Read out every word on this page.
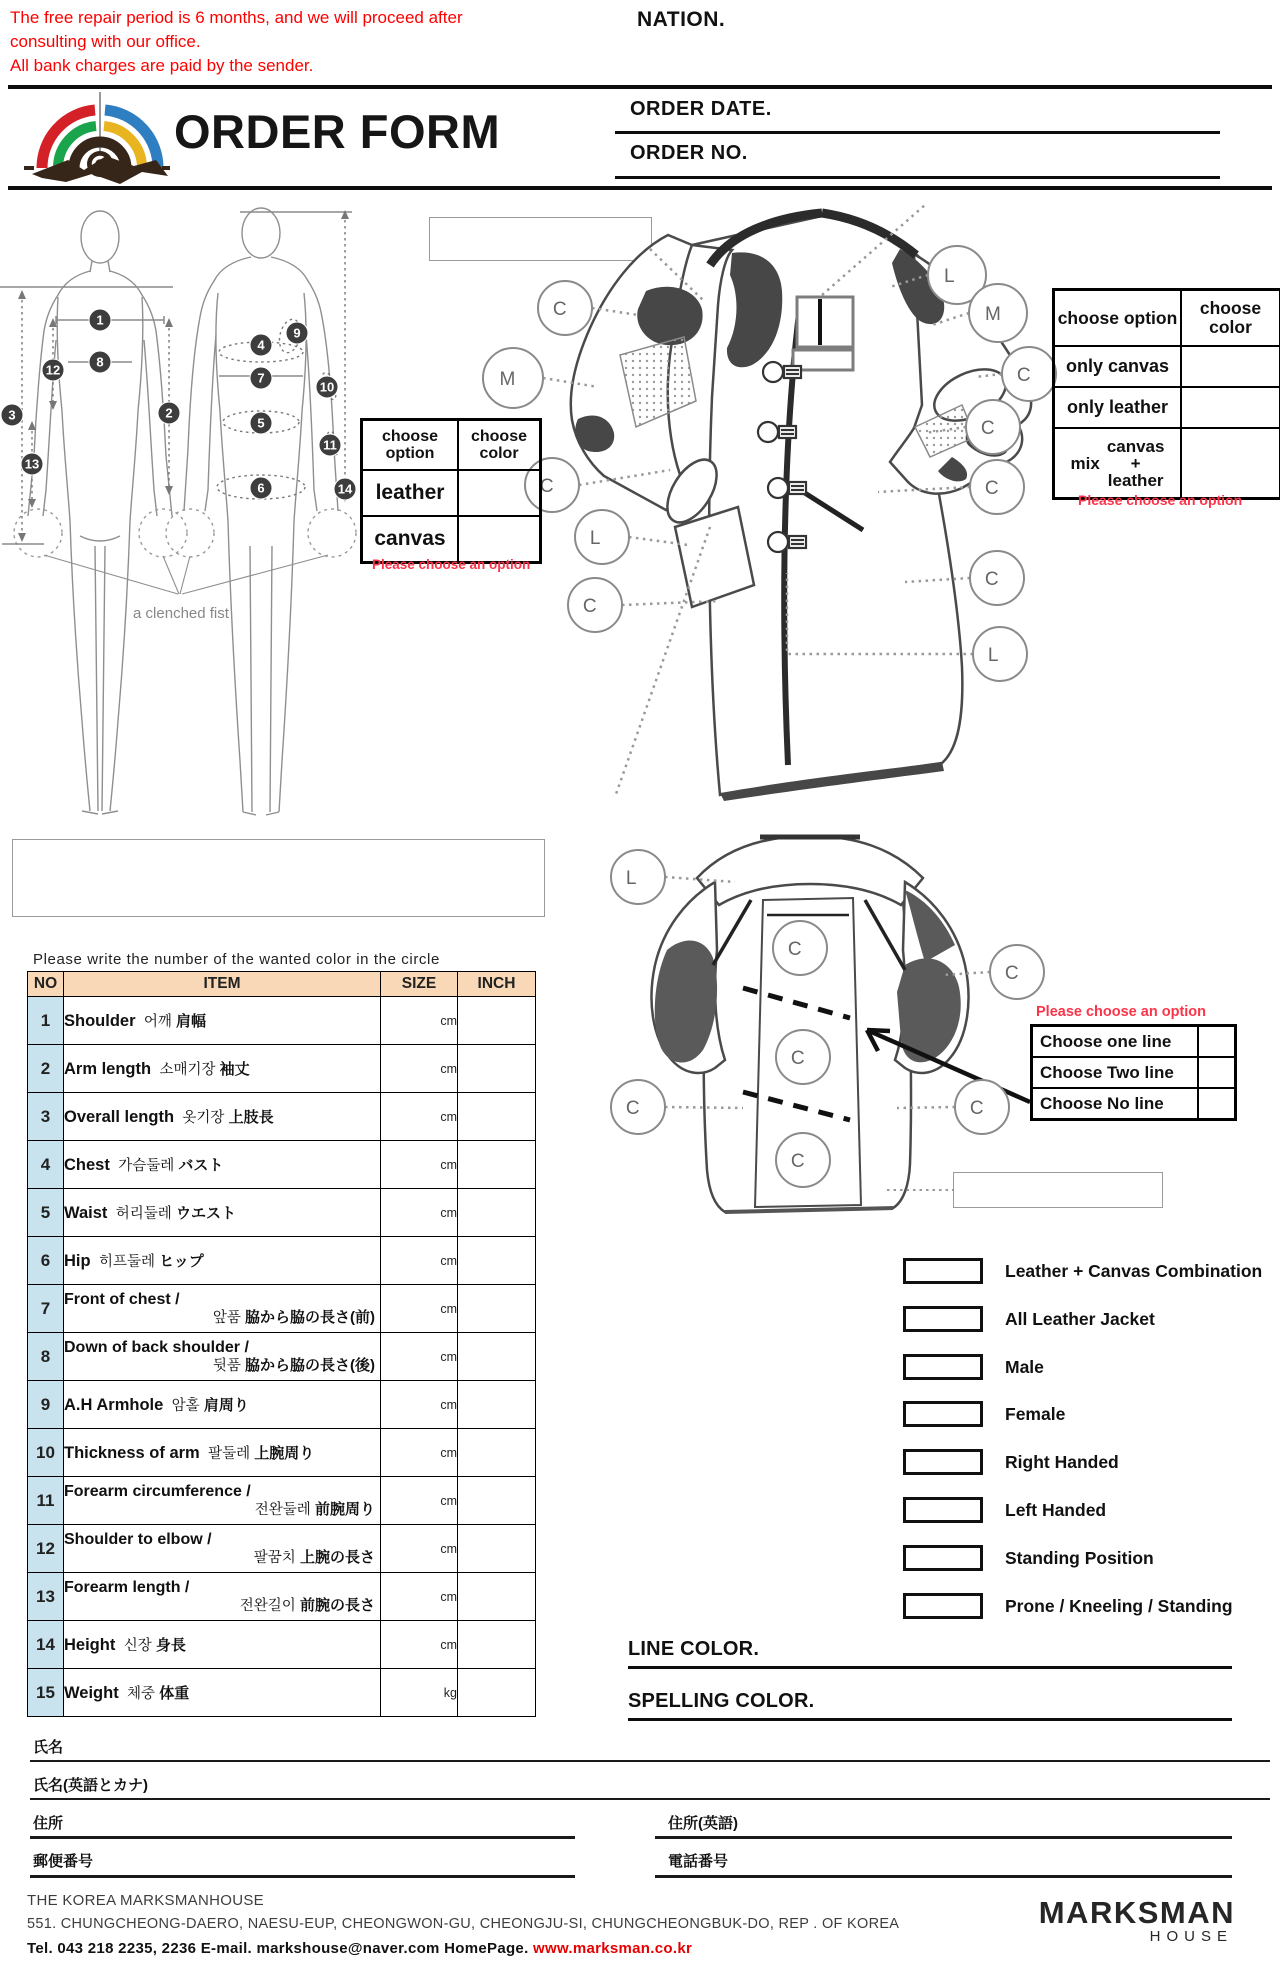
The free repair period is 6 months, and we will proceed after consulting with our office.
All bank charges are paid by the sender.
NATION.
ORDER FORM	ORDER DATE.
ORDER NO.
1
8
12
3
13
2
9
4
7
10
5
11
6	14
a clenched fist
C
M
C
L
C
L
M
C
C
C
C
L
choose option	choose color
leather	
canvas	
Please choose an option
choose option	choose color
only canvas	
only leather	

mix
canvas
+
leather	

Please choose an option
L
C
C	C
C
C
C
Please choose an option
Choose one line	
Choose Two line	
Choose No line	
Please write the number of the wanted color in the circle
NO	ITEM	SIZE	INCH
1	Shoulder 어깨 肩幅	cm	
2	Arm length 소매기장 袖丈	cm	
3	Overall length 옷기장 上肢長	cm	
4	Chest 가슴둘레 バスト	cm	
5	Waist 허리둘레 ウエスト	cm	
6	Hip 히프둘레 ヒップ	cm	
7	Front of chest /
앞품 脇から脇の長さ(前)	cm	
8	Down of back shoulder /
뒷품 脇から脇の長さ(後)	cm	
9	A.H Armhole 암홀 肩周り	cm	
10	Thickness of arm 팔둘레 上腕周り	cm	
11	Forearm circumference /
전완둘레 前腕周り	cm	
12	Shoulder to elbow /
팔꿈치 上腕の長さ	cm	
13	Forearm length /
전완길이 前腕の長さ	cm	
14	Height 신장 身長	cm	
15	Weight 체중 体重	kg	
Leather + Canvas Combination
All Leather Jacket
Male
Female
Right Handed
Left Handed
Standing Position
Prone / Kneeling / Standing
LINE COLOR.
SPELLING COLOR.
氏名
氏名(英語とカナ)
住所	住所(英語)
郵便番号	電話番号
THE KOREA MARKSMANHOUSE
551. CHUNGCHEONG-DAERO, NAESU-EUP, CHEONGWON-GU, CHEONGJU-SI, CHUNGCHEONGBUK-DO, REP . OF KOREA
Tel. 043 218 2235, 2236 E-mail. markshouse@naver.com HomePage. www.marksman.co.kr
MARKSMAN
HOUSE
